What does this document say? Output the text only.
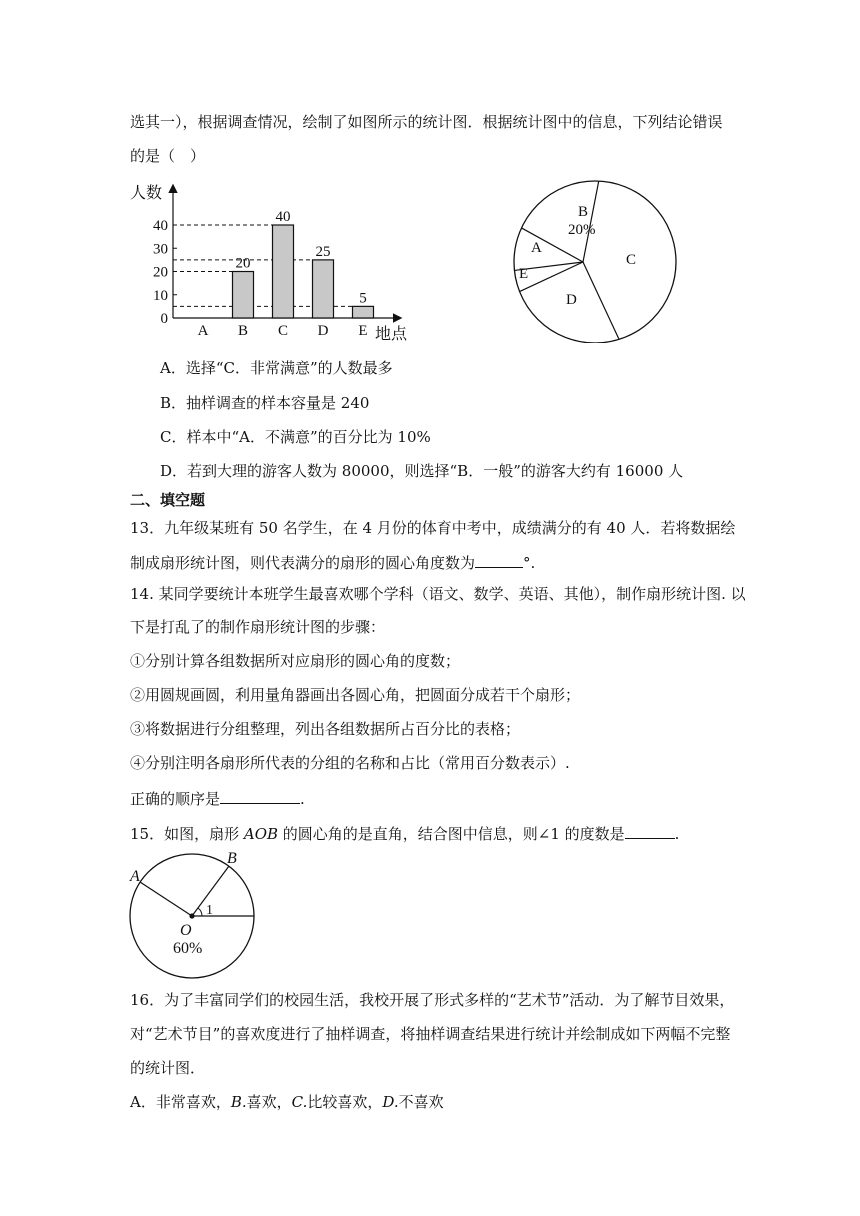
选其一），根据调查情况，绘制了如图所示的统计图．根据统计图中的信息，下列结论错误
的是（　）
人数
地点
0
10
20
30
40
20
40
25
5
A B C D E
B
20%
C
D
E
A
A．选择“C．非常满意”的人数最多
B．抽样调查的样本容量是 240
C．样本中“A．不满意”的百分比为 10%
D．若到大理的游客人数为 80000，则选择“B．一般”的游客大约有 16000 人
二、填空题
13．九年级某班有 50 名学生，在 4 月份的体育中考中，成绩满分的有 40 人．若将数据绘
制成扇形统计图，则代表满分的扇形的圆心角度数为	°.
14. 某同学要统计本班学生最喜欢哪个学科（语文、数学、英语、其他），制作扇形统计图. 以
下是打乱了的制作扇形统计图的步骤：
①分别计算各组数据所对应扇形的圆心角的度数；
②用圆规画圆，利用量角器画出各圆心角，把圆面分成若干个扇形；
③将数据进行分组整理，列出各组数据所占百分比的表格；
④分别注明各扇形所代表的分组的名称和占比（常用百分数表示）.
正确的顺序是	.
15．如图，扇形 AOB 的圆心角的是直角，结合图中信息，则∠1 的度数是	.
A
B
O
1
60%
16．为了丰富同学们的校园生活，我校开展了形式多样的“艺术节”活动．为了解节目效果，
对“艺术节目”的喜欢度进行了抽样调查，将抽样调查结果进行统计并绘制成如下两幅不完整
的统计图．
A．非常喜欢，B.喜欢，C.比较喜欢，D.不喜欢
